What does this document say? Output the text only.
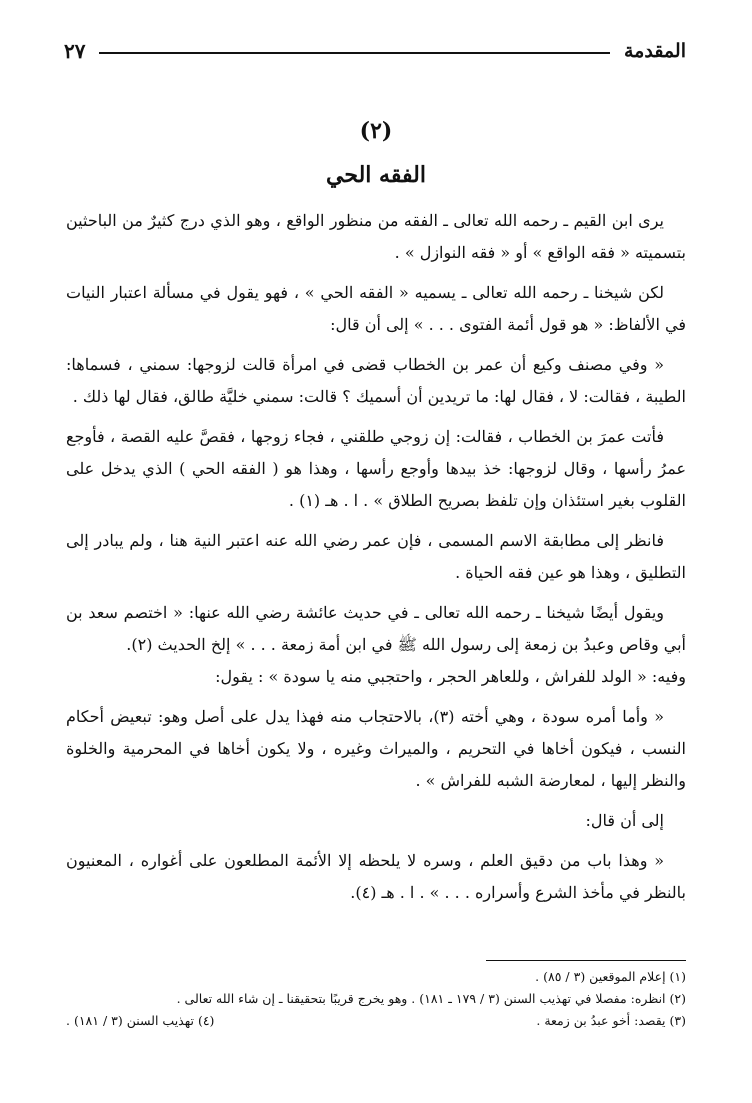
المقدمة
٢٧
(٢)
الفقه الحي

يرى ابن القيم ـ رحمه الله تعالى ـ الفقه من منظور الواقع ، وهو الذي درج كثيرٌ من الباحثين بتسميته « فقه الواقع » أو « فقه النوازل » .

لكن شيخنا ـ رحمه الله تعالى ـ يسميه « الفقه الحي » ، فهو يقول في مسألة اعتبار النيات في الألفاظ: « هو قول أئمة الفتوى . . . » إلى أن قال:

« وفي مصنف وكيع أن عمر بن الخطاب قضى في امرأة قالت لزوجها: سمني ، فسماها: الطيبة ، فقالت: لا ، فقال لها: ما تريدين أن أسميك ؟ قالت: سمني خليَّة طالق، فقال لها ذلك .

فأتت عمرَ بن الخطاب ، فقالت: إن زوجي طلقني ، فجاء زوجها ، فقصَّ عليه القصة ، فأوجع عمرُ رأسها ، وقال لزوجها: خذ بيدها وأوجع رأسها ، وهذا هو ( الفقه الحي ) الذي يدخل على القلوب بغير استئذان وإن تلفظ بصريح الطلاق » . ا . هـ (١) .

فانظر إلى مطابقة الاسم المسمى ، فإن عمر رضي الله عنه اعتبر النية هنا ، ولم يبادر إلى التطليق ، وهذا هو عين فقه الحياة .

ويقول أيضًا شيخنا ـ رحمه الله تعالى ـ في حديث عائشة رضي الله عنها: « اختصم سعد بن أبي وقاص وعبدُ بن زمعة إلى رسول الله ﷺ في ابن أمة زمعة . . . » إلخ الحديث (٢).

وفيه: « الولد للفراش ، وللعاهر الحجر ، واحتجبي منه يا سودة » : يقول:

« وأما أمره سودة ، وهي أخته (٣)، بالاحتجاب منه فهذا يدل على أصل وهو: تبعيض أحكام النسب ، فيكون أخاها في التحريم ، والميراث وغيره ، ولا يكون أخاها في المحرمية والخلوة والنظر إليها ، لمعارضة الشبه للفراش » .

إلى أن قال:

« وهذا باب من دقيق العلم ، وسره لا يلحظه إلا الأئمة المطلعون على أغواره ، المعنيون بالنظر في مأخذ الشرع وأسراره . . . » . ا . هـ (٤).

(١) إعلام الموقعين (٣ / ٨٥) .
(٢) انظره: مفصلا في تهذيب السنن (٣ / ١٧٩ ـ ١٨١) . وهو يخرج قريبًا بتحقيقنا ـ إن شاء الله تعالى .
(٣) يقصد: أخو عبدُ بن زمعة .
(٤) تهذيب السنن (٣ / ١٨١) .
